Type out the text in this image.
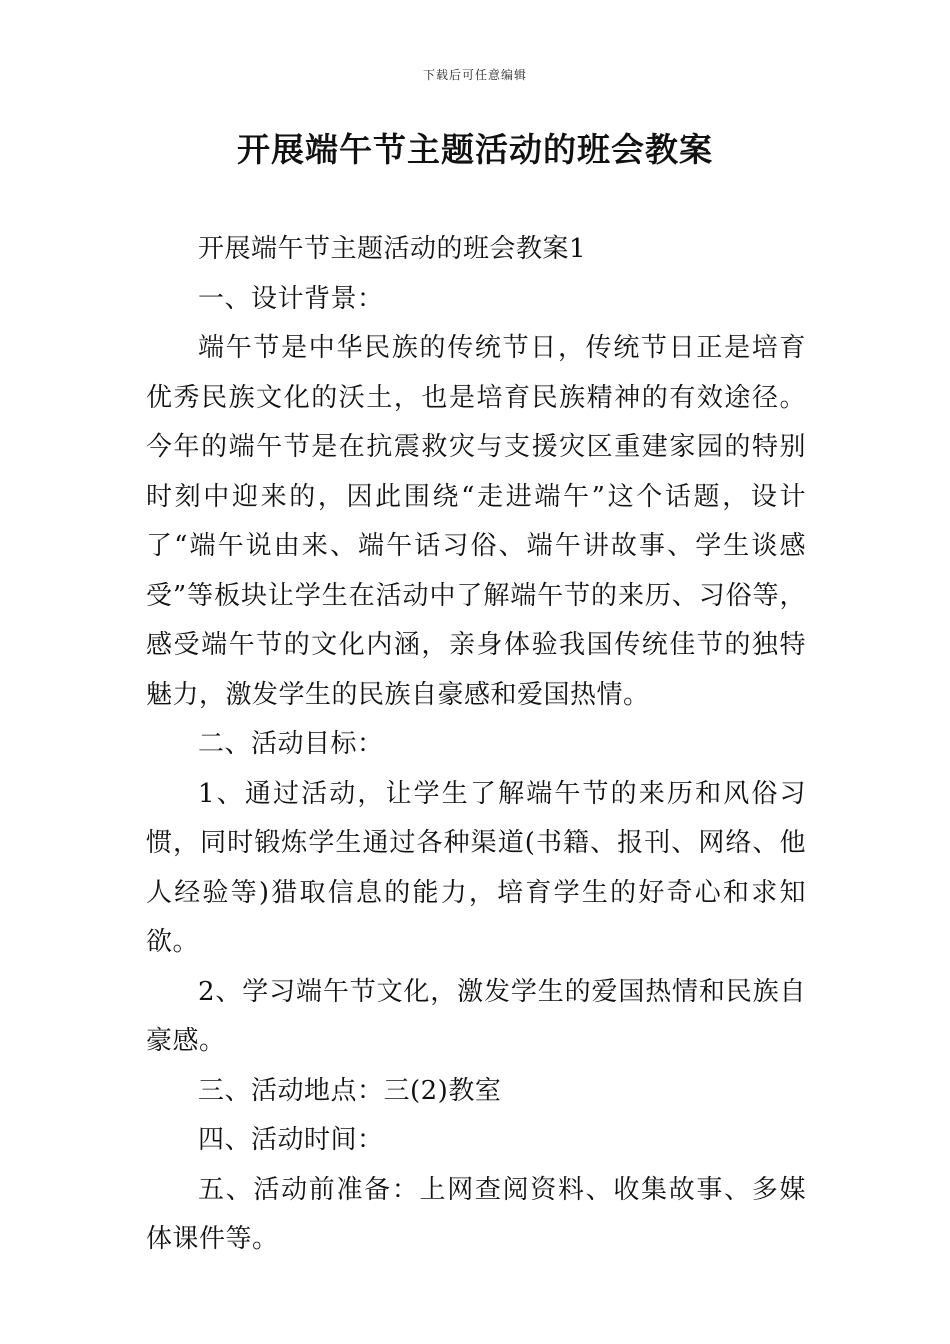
下载后可任意编辑
开展端午节主题活动的班会教案

开展端午节主题活动的班会教案1

一、设计背景：

端午节是中华民族的传统节日，传统节日正是培育优秀民族文化的沃土，也是培育民族精神的有效途径。今年的端午节是在抗震救灾与支援灾区重建家园的特别时刻中迎来的，因此围绕“走进端午”这个话题，设计了“端午说由来、端午话习俗、端午讲故事、学生谈感受”等板块让学生在活动中了解端午节的来历、习俗等，感受端午节的文化内涵，亲身体验我国传统佳节的独特魅力，激发学生的民族自豪感和爱国热情。

二、活动目标：

1、通过活动，让学生了解端午节的来历和风俗习惯，同时锻炼学生通过各种渠道(书籍、报刊、网络、他人经验等)猎取信息的能力，培育学生的好奇心和求知欲。

2、学习端午节文化，激发学生的爱国热情和民族自豪感。

三、活动地点：三(2)教室

四、活动时间：

五、活动前准备：上网查阅资料、收集故事、多媒体课件等。
